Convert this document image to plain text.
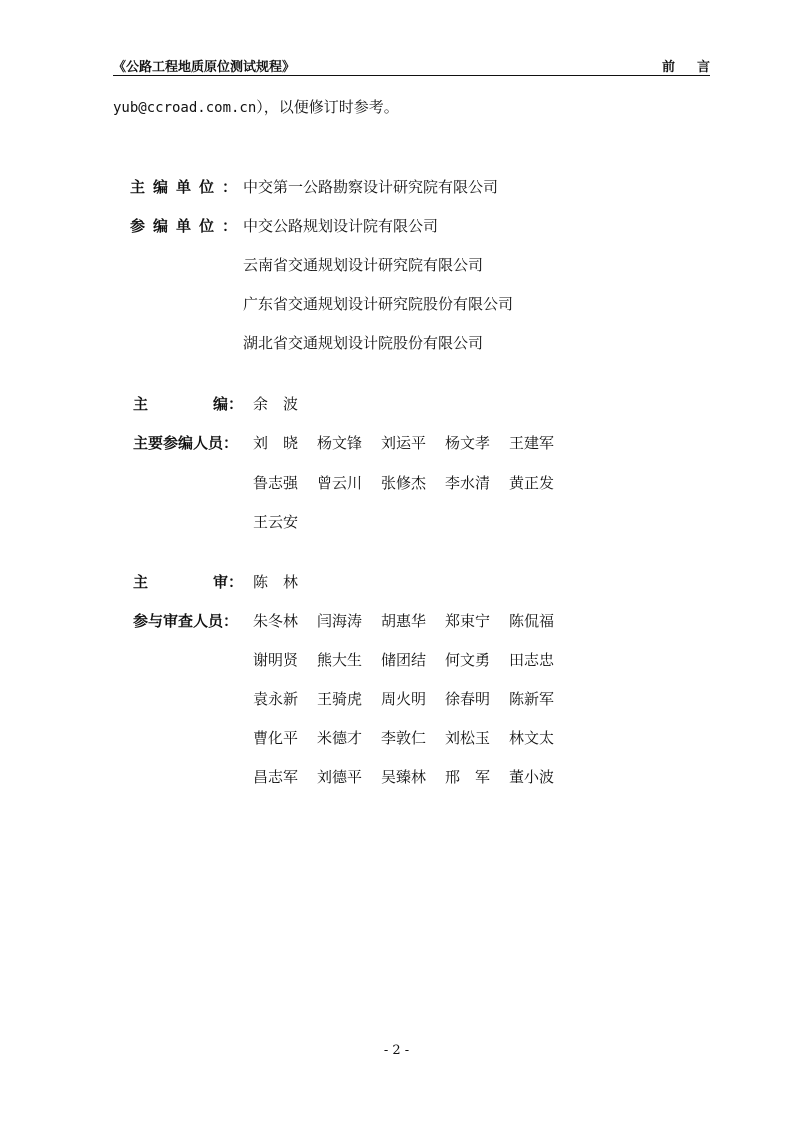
《公路工程地质原位测试规程》	前言
yub@ccroad.com.cn），以便修订时参考。
主编单位：
中交第一公路勘察设计研究院有限公司
参编单位：
中交公路规划设计院有限公司
云南省交通规划设计研究院有限公司
广东省交通规划设计研究院股份有限公司
湖北省交通规划设计院股份有限公司
主	编： 余　波
主要参编人员： 刘　晓	杨文锋	刘运平	杨文孝	王建军
鲁志强	曾云川	张修杰	李水清	黄正发
王云安
主	审： 陈　林
参与审查人员： 朱冬林	闫海涛	胡惠华	郑束宁	陈侃福
谢明贤	熊大生	储团结	何文勇	田志忠
袁永新	王骑虎	周火明	徐春明	陈新军
曹化平	米德才	李敦仁	刘松玉	林文太
昌志军	刘德平	吴臻林	邢　军	董小波
- 2 -
